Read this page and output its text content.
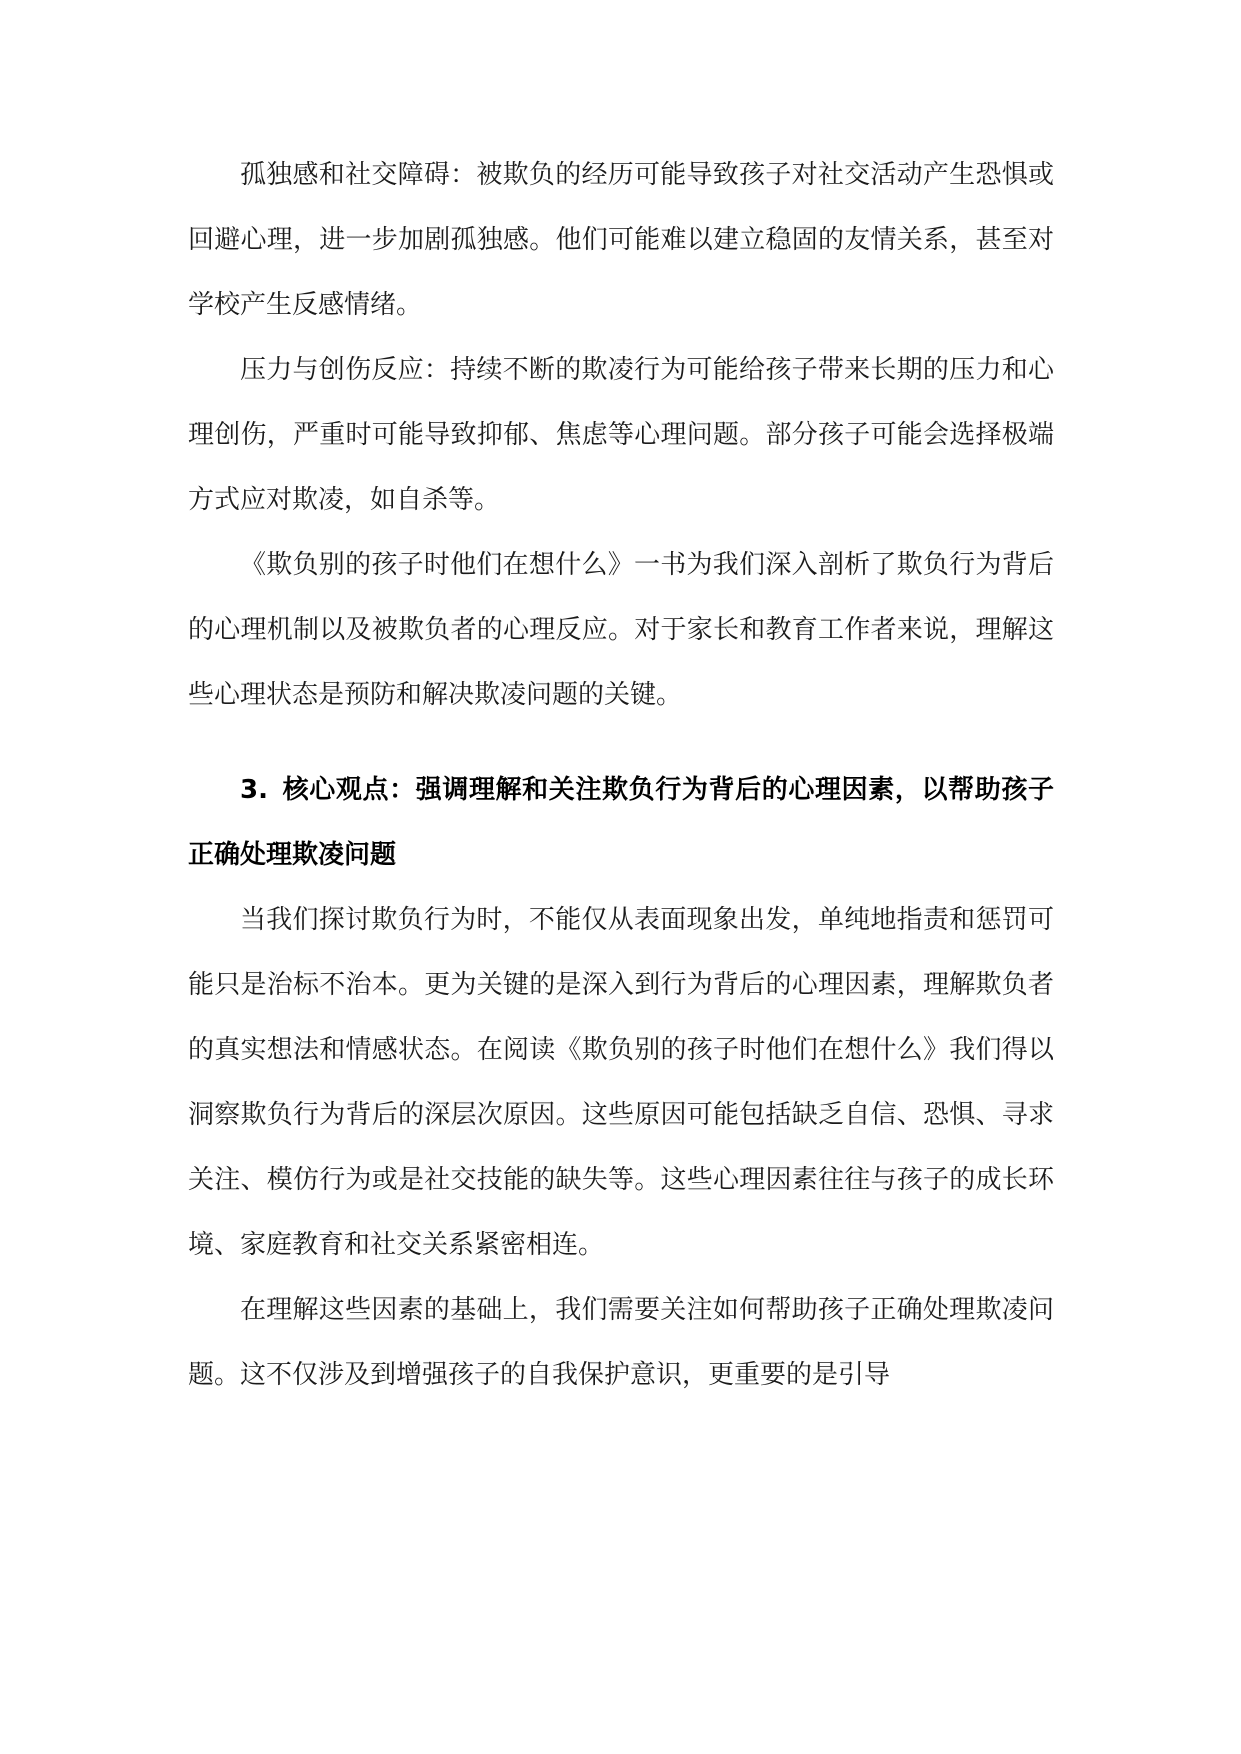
孤独感和社交障碍：被欺负的经历可能导致孩子对社交活动产生恐惧或回避心理，进一步加剧孤独感。他们可能难以建立稳固的友情关系，甚至对学校产生反感情绪。

压力与创伤反应：持续不断的欺凌行为可能给孩子带来长期的压力和心理创伤，严重时可能导致抑郁、焦虑等心理问题。部分孩子可能会选择极端方式应对欺凌，如自杀等。

《欺负别的孩子时他们在想什么》一书为我们深入剖析了欺负行为背后的心理机制以及被欺负者的心理反应。对于家长和教育工作者来说，理解这些心理状态是预防和解决欺凌问题的关键。

3. 核心观点：强调理解和关注欺负行为背后的心理因素，以帮助孩子正确处理欺凌问题

当我们探讨欺负行为时，不能仅从表面现象出发，单纯地指责和惩罚可能只是治标不治本。更为关键的是深入到行为背后的心理因素，理解欺负者的真实想法和情感状态。在阅读《欺负别的孩子时他们在想什么》我们得以洞察欺负行为背后的深层次原因。这些原因可能包括缺乏自信、恐惧、寻求关注、模仿行为或是社交技能的缺失等。这些心理因素往往与孩子的成长环境、家庭教育和社交关系紧密相连。

在理解这些因素的基础上，我们需要关注如何帮助孩子正确处理欺凌问题。这不仅涉及到增强孩子的自我保护意识，更重要的是引导
